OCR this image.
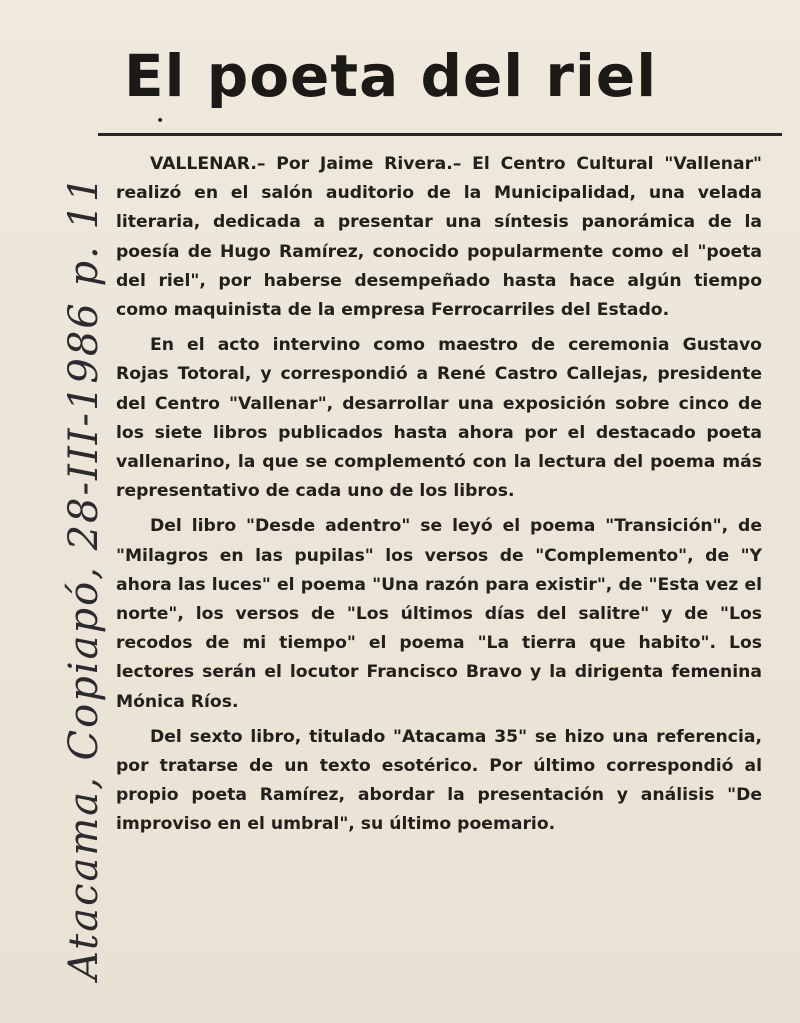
El poeta del riel
•

VALLENAR.– Por Jaime Rivera.– El Centro Cultural "Vallenar" realizó en el salón auditorio de la Municipalidad, una velada literaria, dedicada a presentar una síntesis panorámica de la poesía de Hugo Ramírez, conocido popularmente como el "poeta del riel", por haberse desempeñado hasta hace algún tiempo como maquinista de la empresa Ferrocarriles del Estado.

En el acto intervino como maestro de ceremonia Gustavo Rojas Totoral, y correspondió a René Castro Callejas, presidente del Centro "Vallenar", desarrollar una exposición sobre cinco de los siete libros publicados hasta ahora por el destacado poeta vallenarino, la que se complementó con la lectura del poema más representativo de cada uno de los libros.

Del libro "Desde adentro" se leyó el poema "Transición", de "Milagros en las pupilas" los versos de "Complemento", de "Y ahora las luces" el poema "Una razón para existir", de "Esta vez el norte", los versos de "Los últimos días del salitre" y de "Los recodos de mi tiempo" el poema "La tierra que habito". Los lectores serán el locutor Francisco Bravo y la dirigenta femenina Mónica Ríos.

Del sexto libro, titulado "Atacama 35" se hizo una referencia, por tratarse de un texto esotérico. Por último correspondió al propio poeta Ramírez, abordar la presentación y análisis "De improviso en el umbral", su último poemario.

Atacama, Copiapó, 28-III-1986 p. 11
